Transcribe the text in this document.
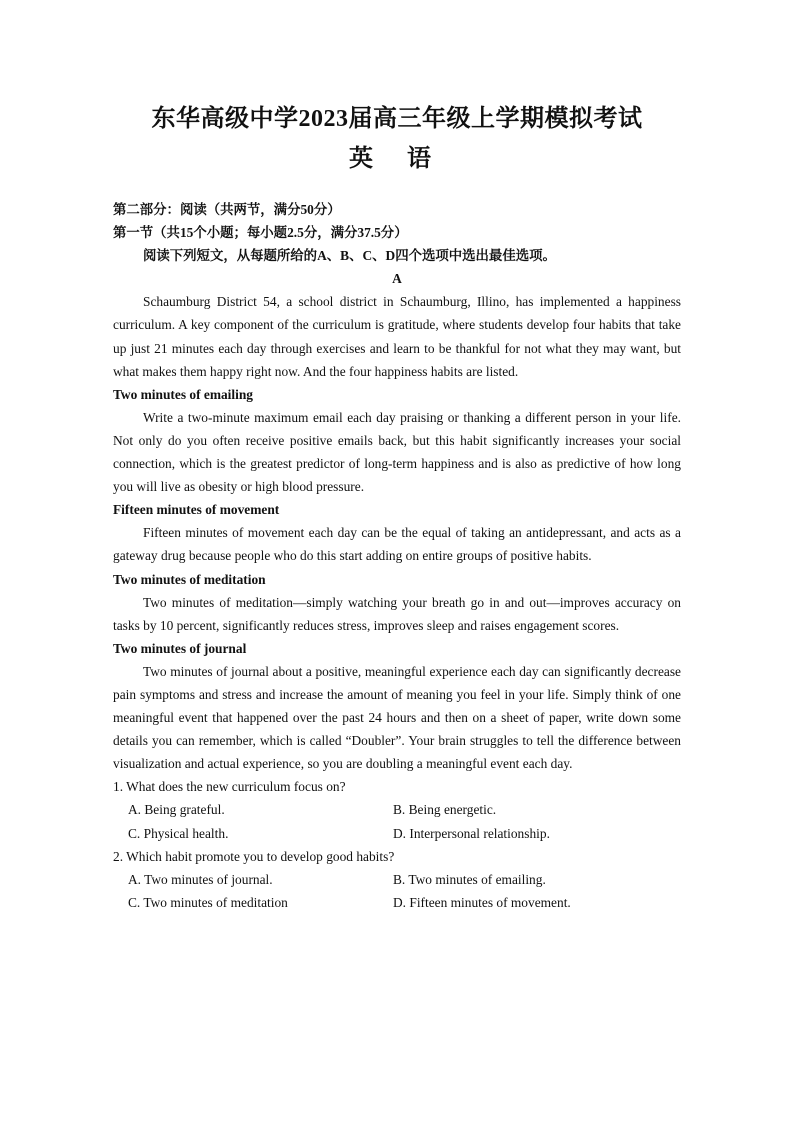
东华高级中学2023届高三年级上学期模拟考试
英 语

第二部分：阅读（共两节，满分50分）

第一节（共15个小题；每小题2.5分，满分37.5分）

阅读下列短文，从每题所给的A、B、C、D四个选项中选出最佳选项。

A

Schaumburg District 54, a school district in Schaumburg, Illino, has implemented a happiness curriculum. A key component of the curriculum is gratitude, where students develop four habits that take up just 21 minutes each day through exercises and learn to be thankful for not what they may want, but what makes them happy right now. And the four happiness habits are listed.

Two minutes of emailing

Write a two-minute maximum email each day praising or thanking a different person in your life. Not only do you often receive positive emails back, but this habit significantly increases your social connection, which is the greatest predictor of long-term happiness and is also as predictive of how long you will live as obesity or high blood pressure.

Fifteen minutes of movement

Fifteen minutes of movement each day can be the equal of taking an antidepressant, and acts as a gateway drug because people who do this start adding on entire groups of positive habits.

Two minutes of meditation

Two minutes of meditation—simply watching your breath go in and out—improves accuracy on tasks by 10 percent, significantly reduces stress, improves sleep and raises engagement scores.

Two minutes of journal

Two minutes of journal about a positive, meaningful experience each day can significantly decrease pain symptoms and stress and increase the amount of meaning you feel in your life. Simply think of one meaningful event that happened over the past 24 hours and then on a sheet of paper, write down some details you can remember, which is called “Doubler”. Your brain struggles to tell the difference between visualization and actual experience, so you are doubling a meaningful event each day.

1. What does the new curriculum focus on?

A. Being grateful.	B. Being energetic.
C. Physical health.	D. Interpersonal relationship.

2. Which habit promote you to develop good habits?

A. Two minutes of journal.	B. Two minutes of emailing.
C. Two minutes of meditation	D. Fifteen minutes of movement.
